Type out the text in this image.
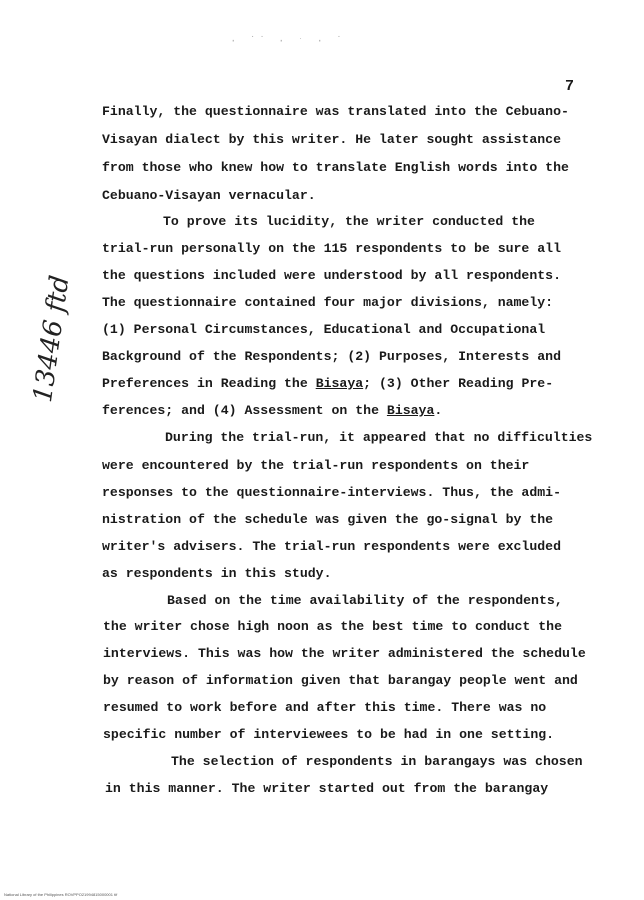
· ˙˙ · ˑ · ˙
7
13446 ftd
Finally, the questionnaire was translated into the Cebuano-
Visayan dialect by this writer. He later sought assistance
from those who knew how to translate English words into the
Cebuano-Visayan vernacular.
To prove its lucidity, the writer conducted the
trial-run personally on the 115 respondents to be sure all
the questions included were understood by all respondents.
The questionnaire contained four major divisions, namely:
(1) Personal Circumstances, Educational and Occupational
Background of the Respondents; (2) Purposes, Interests and
Preferences in Reading the Bisaya; (3) Other Reading Pre-
ferences; and (4) Assessment on the Bisaya.
During the trial-run, it appeared that no difficulties
were encountered by the trial-run respondents on their
responses to the questionnaire-interviews. Thus, the admi-
nistration of the schedule was given the go-signal by the
writer's advisers. The trial-run respondents were excluded
as respondents in this study.
Based on the time availability of the respondents,
the writer chose high noon as the best time to conduct the
interviews. This was how the writer administered the schedule
by reason of information given that barangay people went and
resumed to work before and after this time. There was no
specific number of interviewees to be had in one setting.
The selection of respondents in barangays was chosen
in this manner. The writer started out from the barangay
National Library of the Philippines ROVPPO21994815000001 tif
